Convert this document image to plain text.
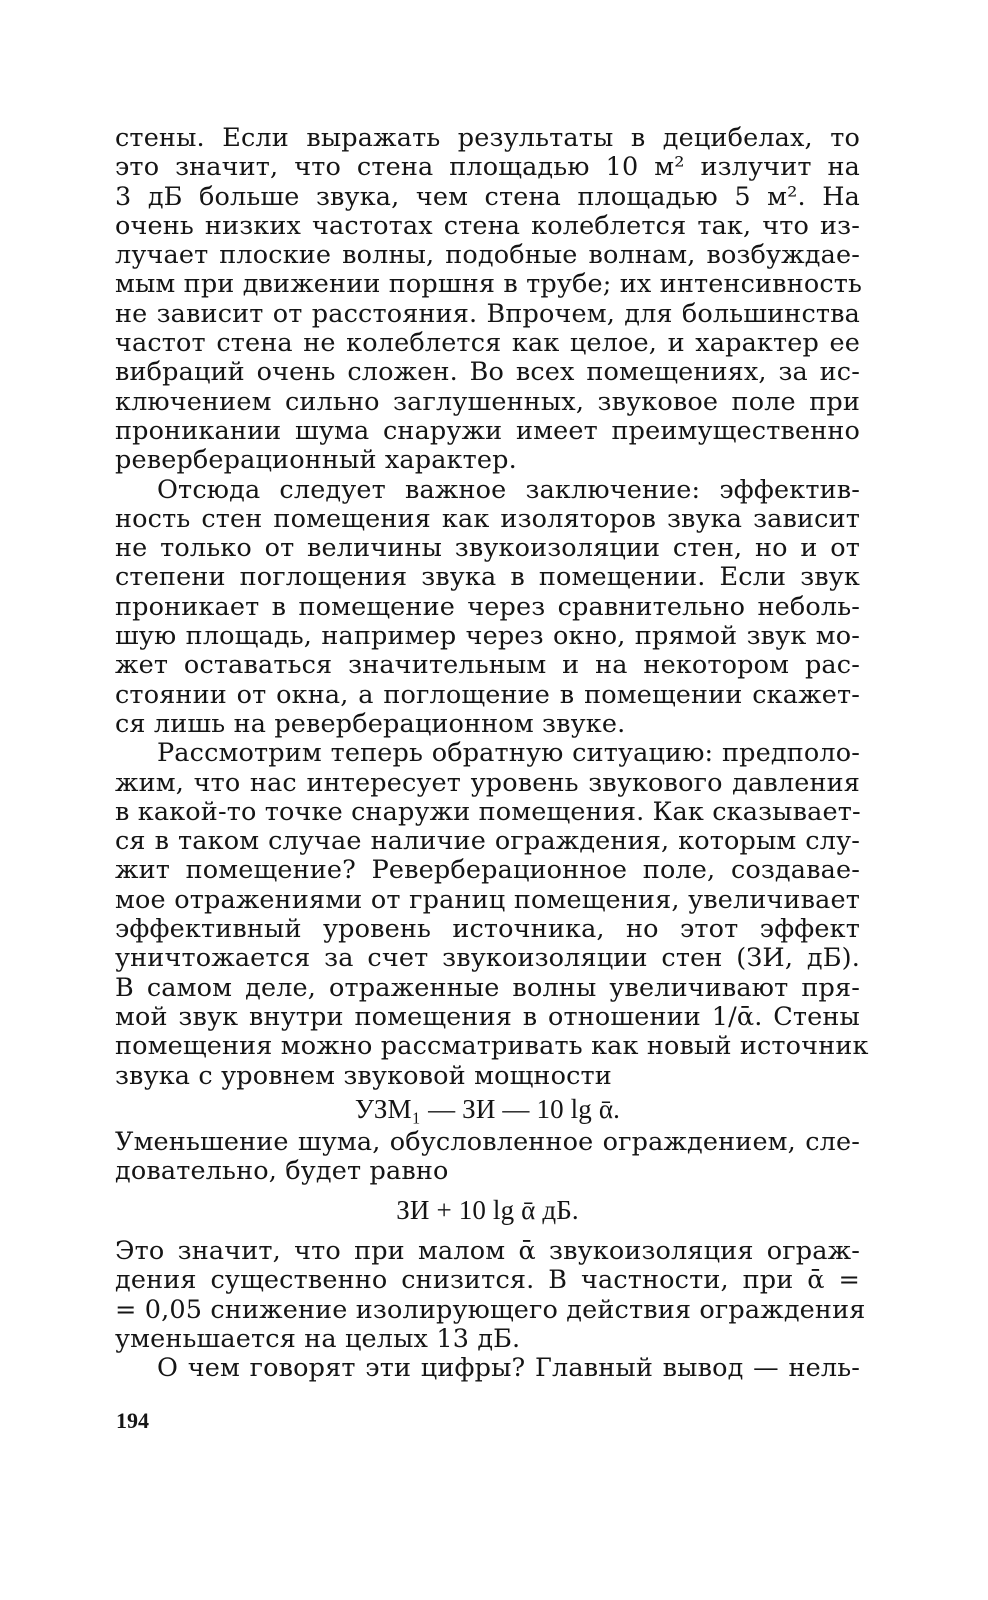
стены. Если выражать результаты в децибелах, то
это значит, что стена площадью 10 м² излучит на
3 дБ больше звука, чем стена площадью 5 м². На
очень низких частотах стена колеблется так, что из-
лучает плоские волны, подобные волнам, возбуждае-
мым при движении поршня в трубе; их интенсивность
не зависит от расстояния. Впрочем, для большинства
частот стена не колеблется как целое, и характер ее
вибраций очень сложен. Во всех помещениях, за ис-
ключением сильно заглушенных, звуковое поле при
проникании шума снаружи имеет преимущественно
реверберационный характер.
Отсюда следует важное заключение: эффектив-
ность стен помещения как изоляторов звука зависит
не только от величины звукоизоляции стен, но и от
степени поглощения звука в помещении. Если звук
проникает в помещение через сравнительно неболь-
шую площадь, например через окно, прямой звук мо-
жет оставаться значительным и на некотором рас-
стоянии от окна, а поглощение в помещении скажет-
ся лишь на реверберационном звуке.
Рассмотрим теперь обратную ситуацию: предполо-
жим, что нас интересует уровень звукового давления
в какой-то точке снаружи помещения. Как сказывает-
ся в таком случае наличие ограждения, которым слу-
жит помещение? Реверберационное поле, создавае-
мое отражениями от границ помещения, увеличивает
эффективный уровень источника, но этот эффект
уничтожается за счет звукоизоляции стен (ЗИ, дБ).
В самом деле, отраженные волны увеличивают пря-
мой звук внутри помещения в отношении 1/ᾱ. Стены
помещения можно рассматривать как новый источник
звука с уровнем звуковой мощности
УЗМ₁ — ЗИ — 10 lg ᾱ.
Уменьшение шума, обусловленное ограждением, сле-
довательно, будет равно
ЗИ + 10 lg ᾱ дБ.
Это значит, что при малом ᾱ звукоизоляция ограж-
дения существенно снизится. В частности, при ᾱ =
= 0,05 снижение изолирующего действия ограждения
уменьшается на целых 13 дБ.
О чем говорят эти цифры? Главный вывод — нель-
194
